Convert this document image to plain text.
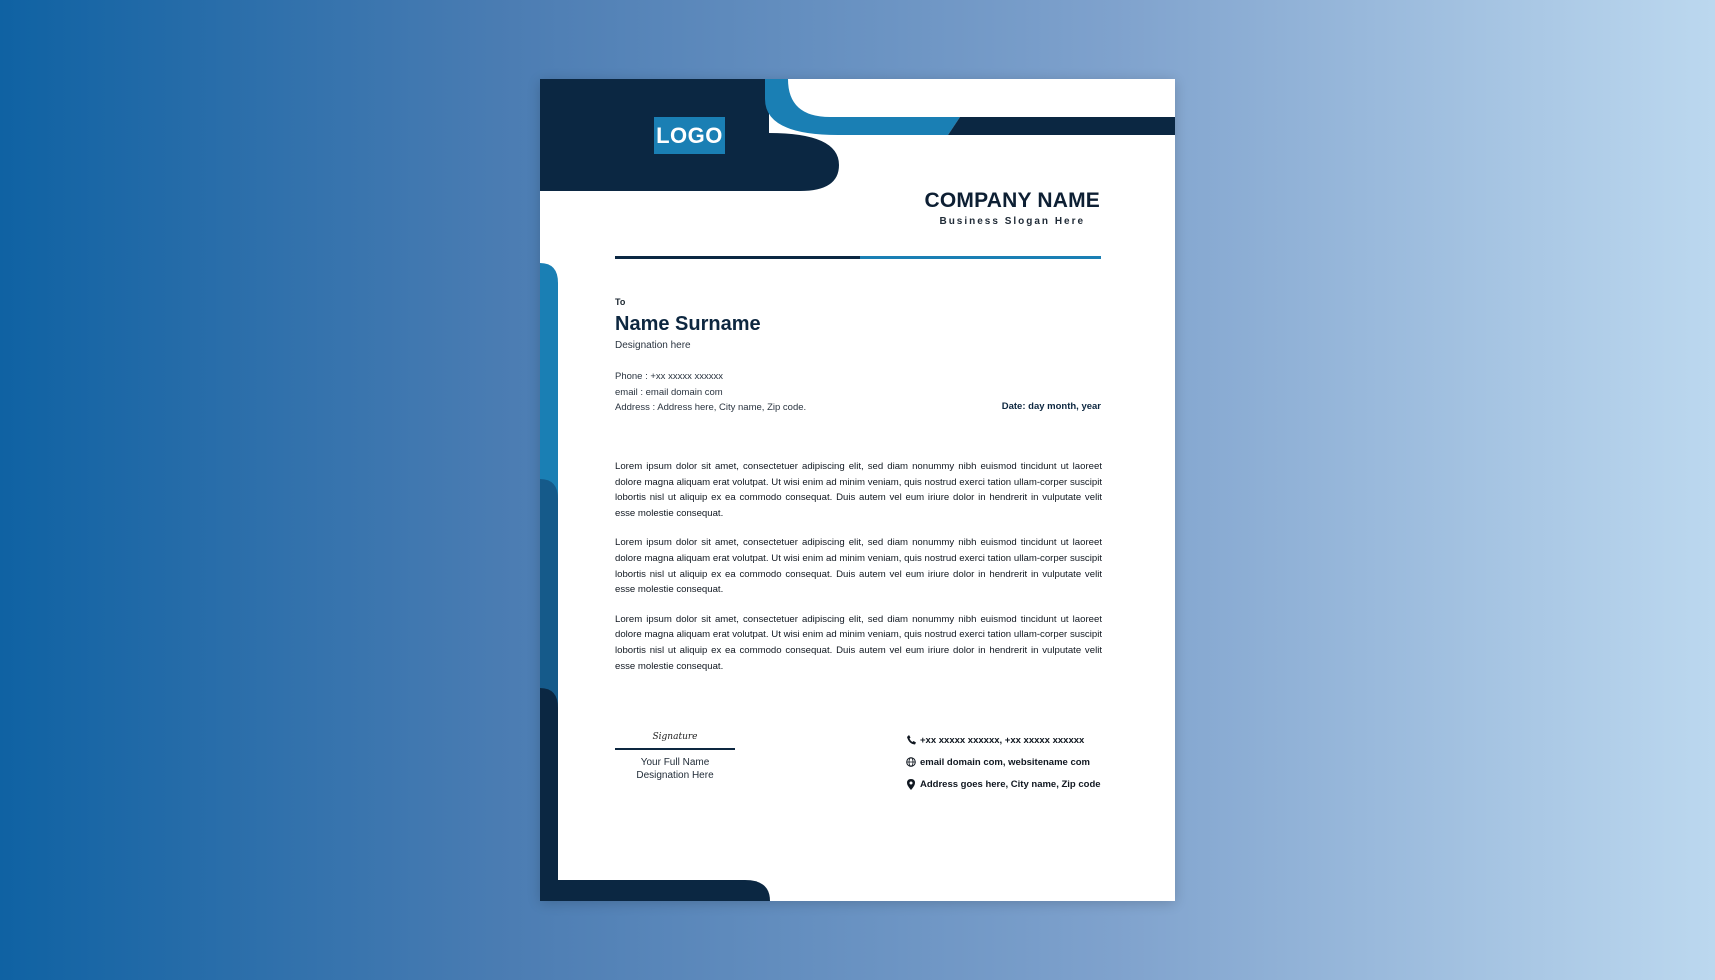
LOGO
COMPANY NAME
Business Slogan Here
To
Name Surname
Designation here
Phone : +xx xxxxx xxxxxx
email : email domain com
Address : Address here, City name, Zip code.	Date: day month, year

Lorem ipsum dolor sit amet, consectetuer adipiscing elit, sed diam nonummy nibh euismod tincidunt ut laoreet dolore magna aliquam erat volutpat. Ut wisi enim ad minim veniam, quis nostrud exerci tation ullam-corper suscipit lobortis nisl ut aliquip ex ea commodo consequat. Duis autem vel eum iriure dolor in hendrerit in vulputate velit esse molestie consequat.

Lorem ipsum dolor sit amet, consectetuer adipiscing elit, sed diam nonummy nibh euismod tincidunt ut laoreet dolore magna aliquam erat volutpat. Ut wisi enim ad minim veniam, quis nostrud exerci tation ullam-corper suscipit lobortis nisl ut aliquip ex ea commodo consequat. Duis autem vel eum iriure dolor in hendrerit in vulputate velit esse molestie consequat.

Lorem ipsum dolor sit amet, consectetuer adipiscing elit, sed diam nonummy nibh euismod tincidunt ut laoreet dolore magna aliquam erat volutpat. Ut wisi enim ad minim veniam, quis nostrud exerci tation ullam-corper suscipit lobortis nisl ut aliquip ex ea commodo consequat. Duis autem vel eum iriure dolor in hendrerit in vulputate velit esse molestie consequat.

Signature
Your Full Name
Designation Here
+xx xxxxx xxxxxx, +xx xxxxx xxxxxx
email domain com, websitename com
Address goes here, City name, Zip code
